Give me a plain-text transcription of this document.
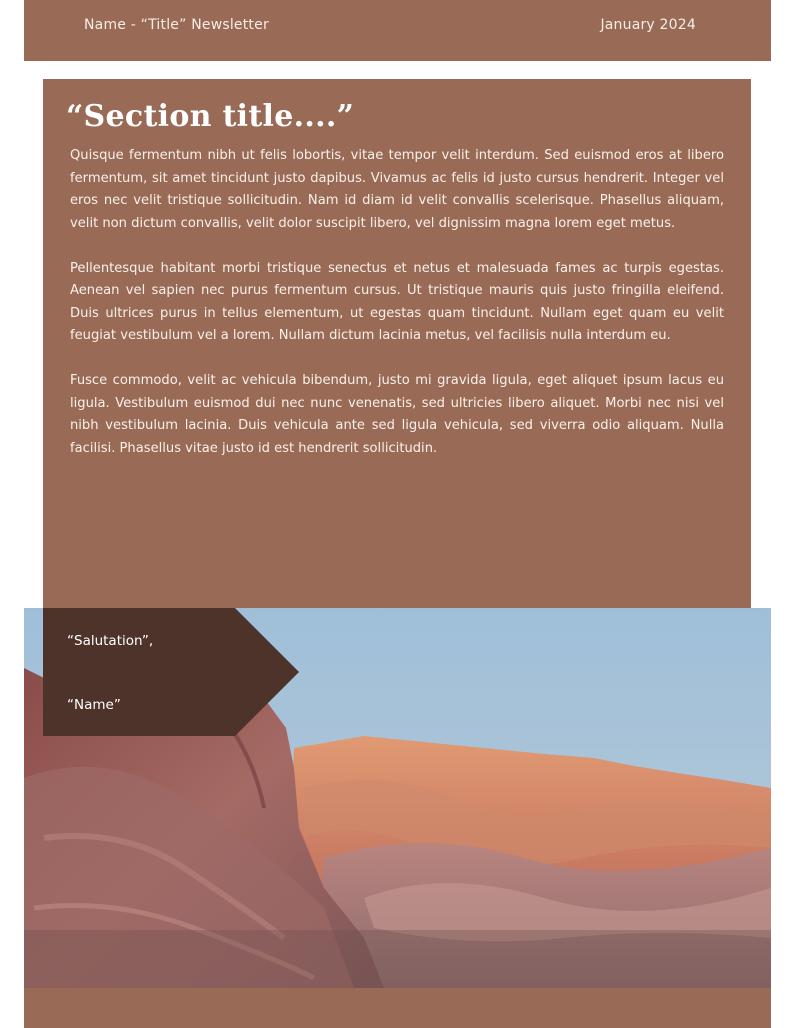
Name - “Title” Newsletter	January 2024
“Section title....”

Quisque fermentum nibh ut felis lobortis, vitae tempor velit interdum. Sed euismod eros at libero fermentum, sit amet tincidunt justo dapibus. Vivamus ac felis id justo cursus hendrerit. Integer vel eros nec velit tristique sollicitudin. Nam id diam id velit convallis scelerisque. Phasellus aliquam, velit non dictum convallis, velit dolor suscipit libero, vel dignissim magna lorem eget metus.

Pellentesque habitant morbi tristique senectus et netus et malesuada fames ac turpis egestas. Aenean vel sapien nec purus fermentum cursus. Ut tristique mauris quis justo fringilla eleifend. Duis ultrices purus in tellus elementum, ut egestas quam tincidunt. Nullam eget quam eu velit feugiat vestibulum vel a lorem. Nullam dictum lacinia metus, vel facilisis nulla interdum eu.

Fusce commodo, velit ac vehicula bibendum, justo mi gravida ligula, eget aliquet ipsum lacus eu ligula. Vestibulum euismod dui nec nunc venenatis, sed ultricies libero aliquet. Morbi nec nisi vel nibh vestibulum lacinia. Duis vehicula ante sed ligula vehicula, sed viverra odio aliquam. Nulla facilisi. Phasellus vitae justo id est hendrerit sollicitudin.

“Salutation”,
“Name”
